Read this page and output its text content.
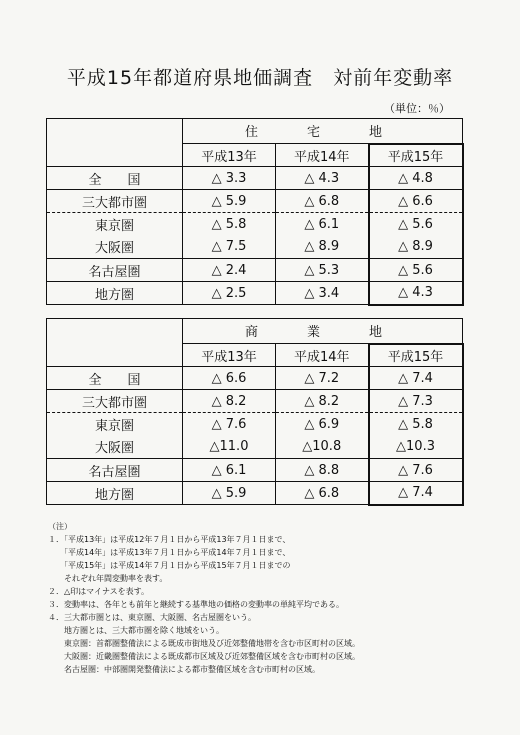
平成15年都道府県地価調査　対前年変動率
（単位：％）
	住　宅　地		
	平成13年	平成14年	平成15年
全　　国	△ 3.3	△ 4.3	△ 4.8
三大都市圏	△ 5.9	△ 6.8	△ 6.6
東京圏	△ 5.8	△ 6.1	△ 5.6
大阪圏	△ 7.5	△ 8.9	△ 8.9
名古屋圏	△ 2.4	△ 5.3	△ 5.6
地方圏	△ 2.5	△ 3.4	△ 4.3
	商　業　地		
	平成13年	平成14年	平成15年
全　　国	△ 6.6	△ 7.2	△ 7.4
三大都市圏	△ 8.2	△ 8.2	△ 7.3
東京圏	△ 7.6	△ 6.9	△ 5.8
大阪圏	△11.0	△10.8	△10.3
名古屋圏	△ 6.1	△ 8.8	△ 7.6
地方圏	△ 5.9	△ 6.8	△ 7.4
（注）
１．「平成13年」は平成12年７月１日から平成13年７月１日まで、
　　「平成14年」は平成13年７月１日から平成14年７月１日まで、
　　「平成15年」は平成14年７月１日から平成15年７月１日までの
　　それぞれ年間変動率を表す。
２．△印はマイナスを表す。
３．変動率は、各年とも前年と継続する基準地の価格の変動率の単純平均である。
４．三大都市圏とは、東京圏、大阪圏、名古屋圏をいう。
　　地方圏とは、三大都市圏を除く地域をいう。
　　東京圏：首都圏整備法による既成市街地及び近郊整備地帯を含む市区町村の区域。
　　大阪圏：近畿圏整備法による既成都市区域及び近郊整備区域を含む市町村の区域。
　　名古屋圏：中部圏開発整備法による都市整備区域を含む市町村の区域。
